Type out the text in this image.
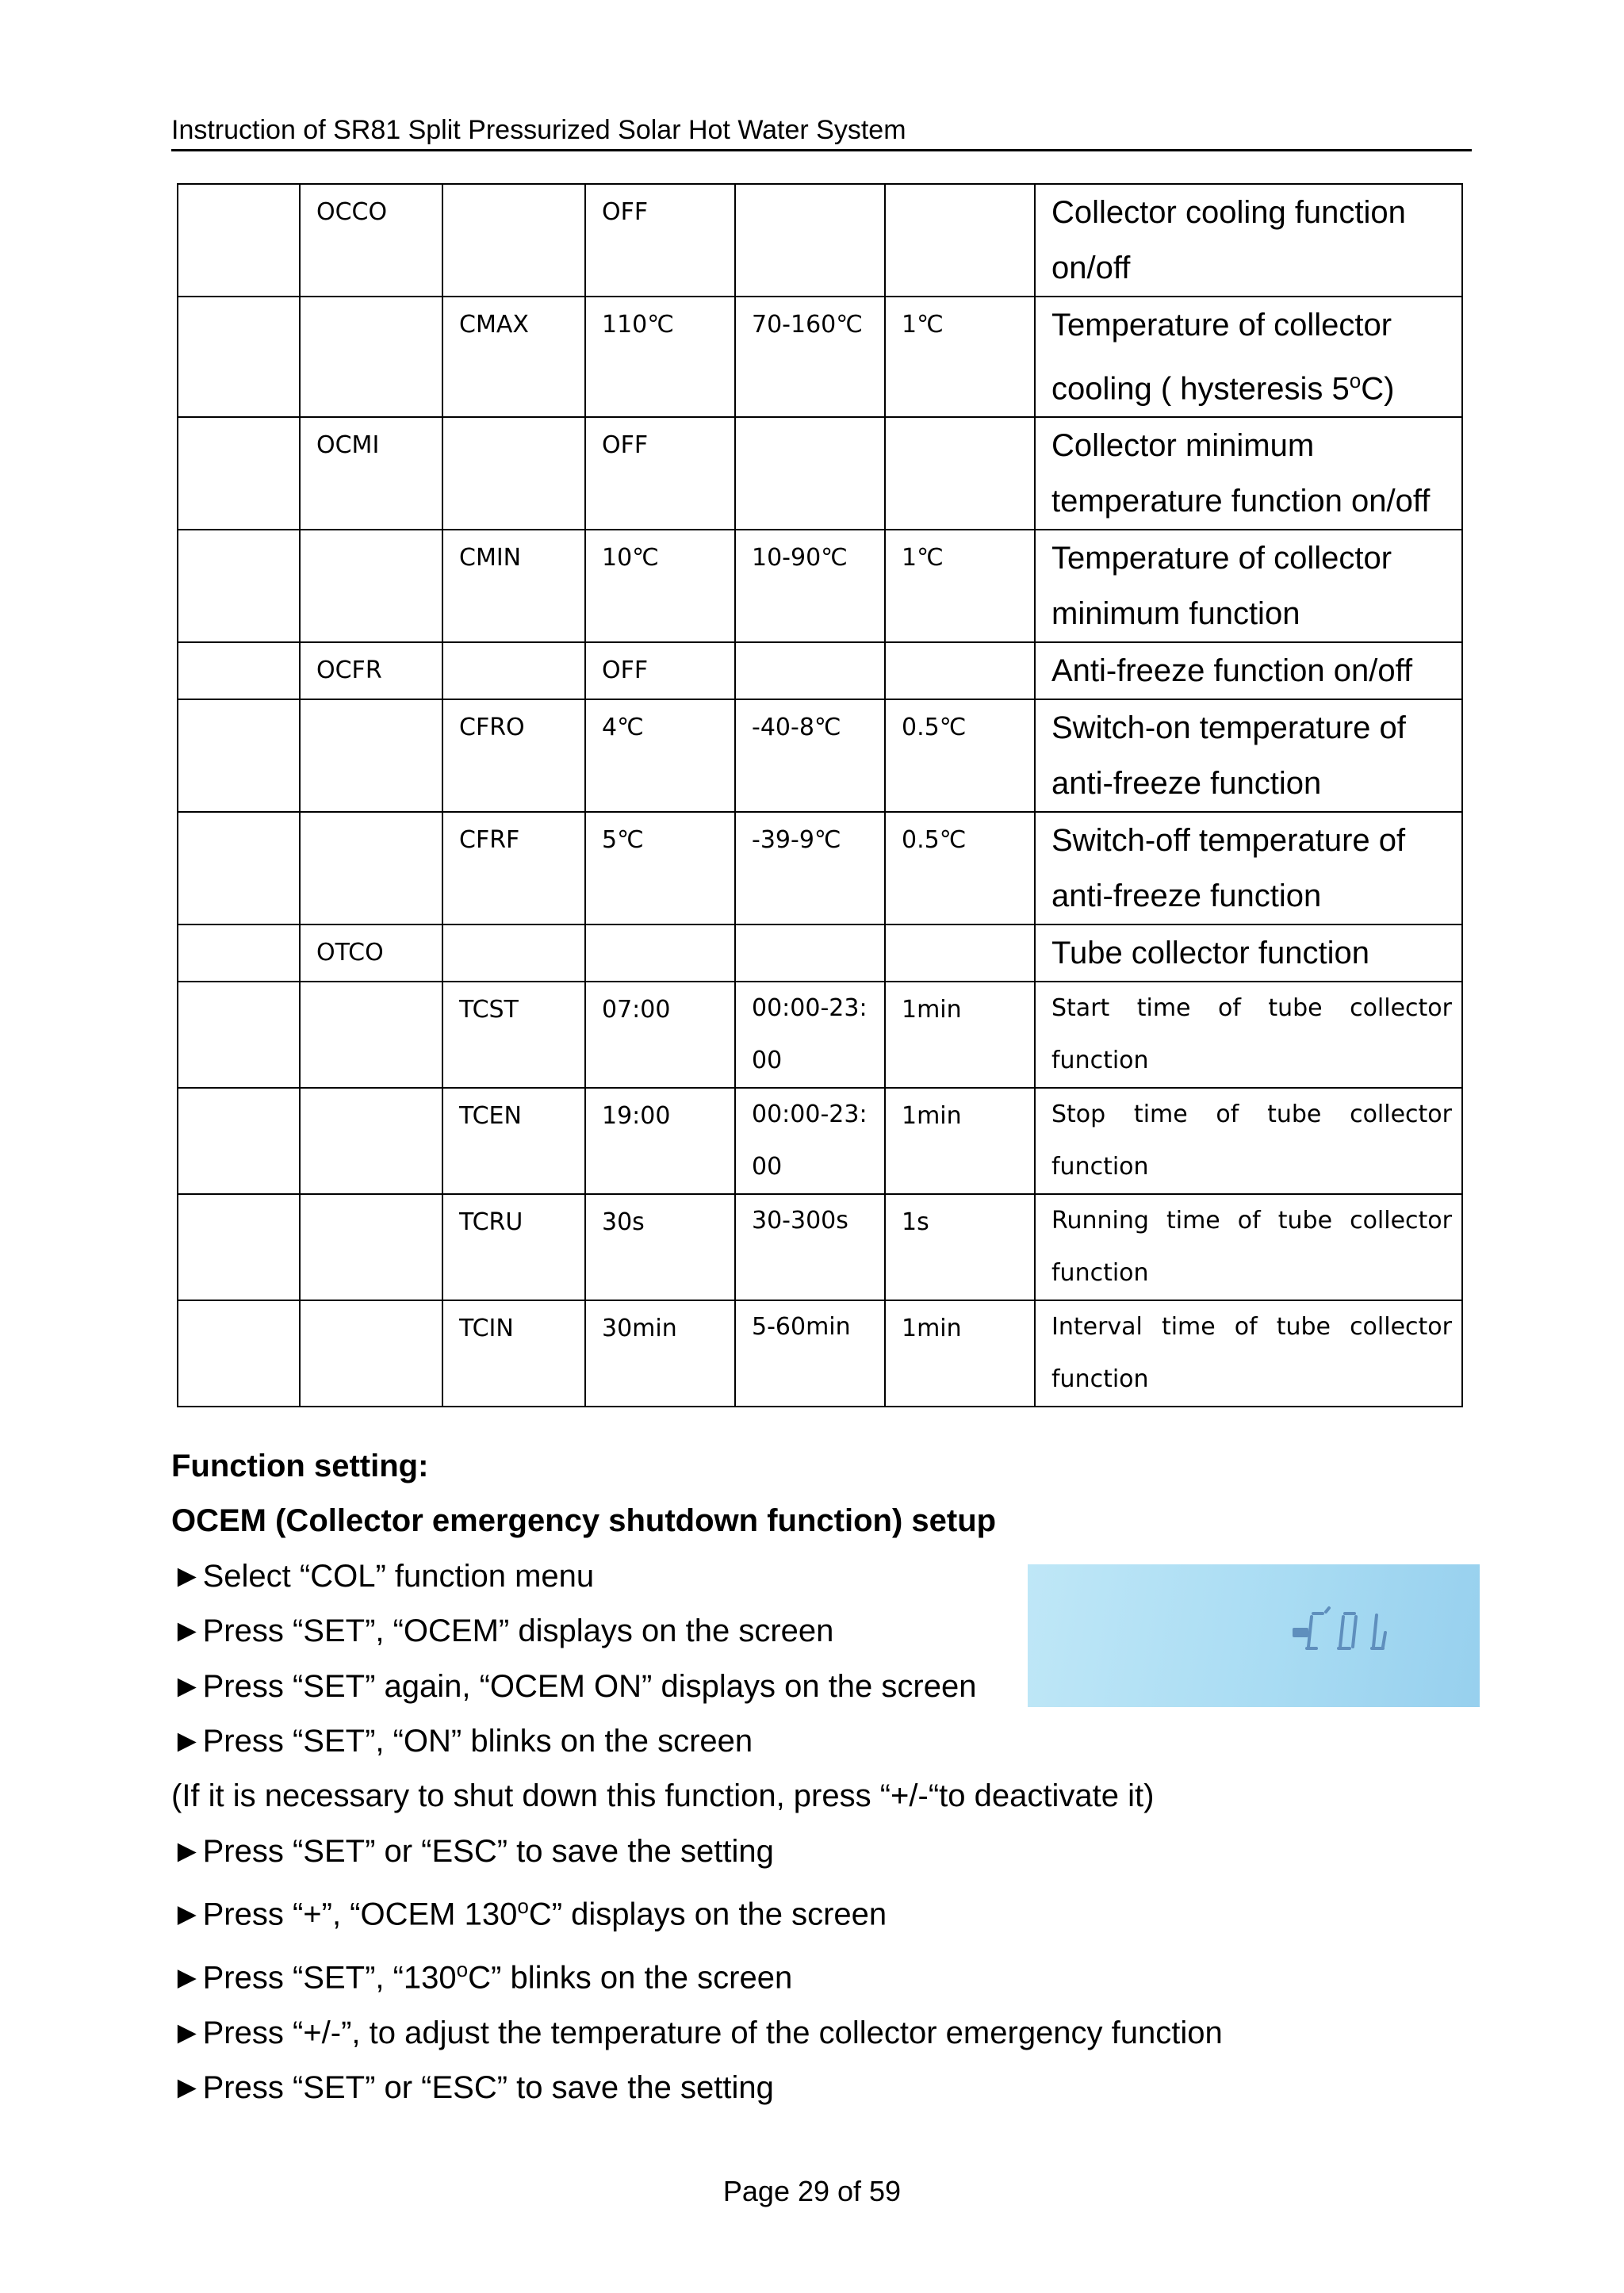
Instruction of SR81 Split Pressurized Solar Hot Water System
	OCCO		OFF			Collector cooling function on/off
		CMAX	110℃	70-160℃	1℃	Temperature of collector cooling ( hysteresis 5$^o$C)
	OCMI		OFF			Collector minimum temperature function on/off
		CMIN	10℃	10-90℃	1℃	Temperature of collector minimum function
	OCFR		OFF			Anti-freeze function on/off
		CFRO	4℃	-40-8℃	0.5℃	Switch-on temperature of anti-freeze function
		CFRF	5℃	-39-9℃	0.5℃	Switch-off temperature of anti-freeze function
	OTCO					Tube collector function
		TCST	07:00	00:00-23:00	1min	Start time of tube collector function
		TCEN	19:00	00:00-23:00	1min	Stop time of tube collector function
		TCRU	30s	30-300s	1s	Running time of tube collector function
		TCIN	30min	5-60min	1min	Interval time of tube collector function
Function setting:
OCEM (Collector emergency shutdown function) setup
►Select “COL” function menu
►Press “SET”, “OCEM” displays on the screen
►Press “SET” again, “OCEM ON” displays on the screen
►Press “SET”, “ON” blinks on the screen
(If it is necessary to shut down this function, press “+/-“to deactivate it)
►Press “SET” or “ESC” to save the setting
►Press “+”, “OCEM 130$^o$C” displays on the screen
►Press “SET”, “130$^o$C” blinks on the screen
►Press “+/-”, to adjust the temperature of the collector emergency function
►Press “SET” or “ESC” to save the setting
Page 29 of 59
